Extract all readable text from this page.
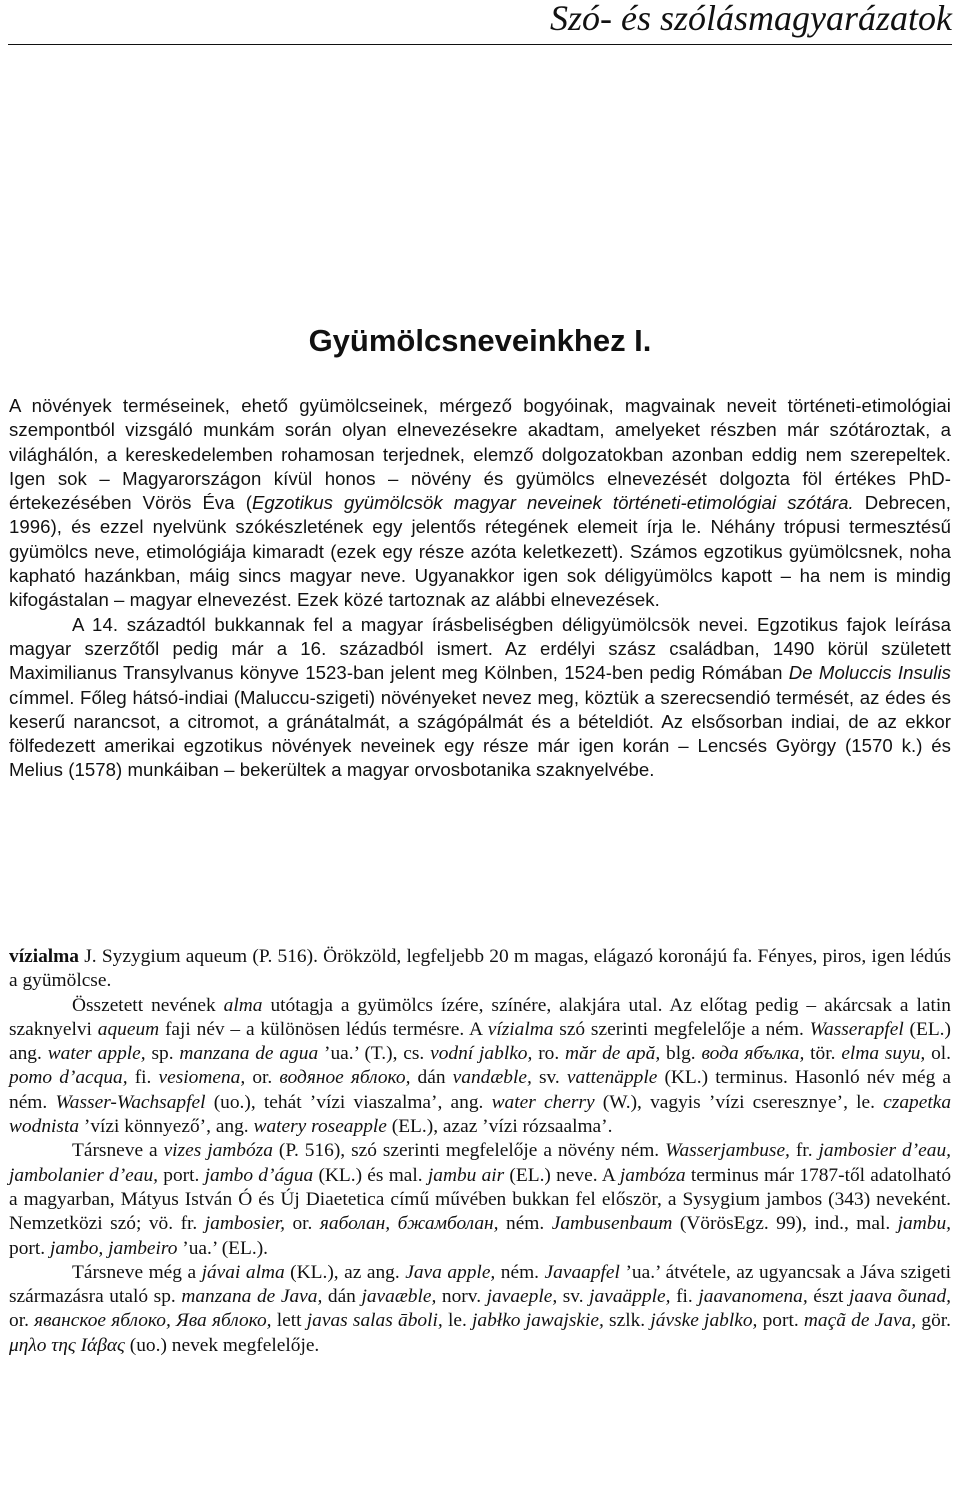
Szó- és szólásmagyarázatok
Gyümölcsneveinkhez I.

A növények terméseinek, ehető gyümölcseinek, mérgező bogyóinak, magvainak neveit történeti-etimológiai szempontból vizsgáló munkám során olyan elnevezésekre akadtam, amelyeket részben már szótároztak, a világhálón, a kereskedelemben rohamosan terjednek, elemző dolgozatokban azonban eddig nem szerepeltek. Igen sok – Magyarországon kívül honos – növény és gyümölcs elnevezését dolgozta föl értékes PhD-értekezésében Vörös Éva (Egzotikus gyümölcsök magyar neveinek történeti-etimológiai szótára. Debrecen, 1996), és ezzel nyelvünk szókészletének egy jelentős rétegének elemeit írja le. Néhány trópusi termesztésű gyümölcs neve, etimológiája kimaradt (ezek egy része azóta keletkezett). Számos egzotikus gyümölcsnek, noha kapható hazánkban, máig sincs magyar neve. Ugyanakkor igen sok déligyümölcs kapott – ha nem is mindig kifogástalan – magyar elnevezést. Ezek közé tartoznak az alábbi elnevezések.

A 14. századtól bukkannak fel a magyar írásbeliségben déligyümölcsök nevei. Egzotikus fajok leírása magyar szerzőtől pedig már a 16. századból ismert. Az erdélyi szász családban, 1490 körül született Maximilianus Transylvanus könyve 1523-ban jelent meg Kölnben, 1524-ben pedig Rómában De Moluccis Insulis címmel. Főleg hátsó-indiai (Maluccu-szigeti) növényeket nevez meg, köztük a szerecsendió termését, az édes és keserű narancsot, a citromot, a gránátalmát, a szágópálmát és a bételdiót. Az elsősorban indiai, de az ekkor fölfedezett amerikai egzotikus növények neveinek egy része már igen korán – Lencsés György (1570 k.) és Melius (1578) munkáiban – bekerültek a magyar orvosbotanika szaknyelvébe.

vízialma J. Syzygium aqueum (P. 516). Örökzöld, legfeljebb 20 m magas, elágazó koronájú fa. Fényes, piros, igen lédús a gyümölcse.

Összetett nevének alma utótagja a gyümölcs ízére, színére, alakjára utal. Az előtag pedig – akárcsak a latin szaknyelvi aqueum faji név – a különösen lédús termésre. A vízialma szó szerinti megfelelője a ném. Wasserapfel (EL.) ang. water apple, sp. manzana de agua ’ua.’ (T.), cs. vodní jablko, ro. măr de apă, blg. вода ябълка, tör. elma suyu, ol. pomo d’acqua, fi. vesiomena, or. водяное яблоко, dán vandæble, sv. vattenäpple (KL.) terminus. Hasonló név még a ném. Wasser-Wachsapfel (uo.), tehát ’vízi viaszalma’, ang. water cherry (W.), vagyis ’vízi cseresznye’, le. czapetka wodnista ’vízi könnyező’, ang. watery roseapple (EL.), azaz ’vízi rózsaalma’.

Társneve a vizes jambóza (P. 516), szó szerinti megfelelője a növény ném. Wasserjambuse, fr. jambosier d’eau, jambolanier d’eau, port. jambo d’água (KL.) és mal. jambu air (EL.) neve. A jambóza terminus már 1787-től adatolható a magyarban, Mátyus István Ó és Új Diaetetica című művében bukkan fel először, a Sysygium jambos (343) neveként. Nemzetközi szó; vö. fr. jambosier, or. яаболан, бжамболан, ném. Jambusenbaum (VörösEgz. 99), ind., mal. jambu, port. jambo, jambeiro ’ua.’ (EL.).

Társneve még a jávai alma (KL.), az ang. Java apple, ném. Javaapfel ’ua.’ átvétele, az ugyancsak a Jáva szigeti származásra utaló sp. manzana de Java, dán javaæble, norv. javaeple, sv. javaäpple, fi. jaavanomena, észt jaava õunad, or. яванское яблоко, Ява яблоко, lett javas salas āboli, le. jabłko jawajskie, szlk. jávske jablko, port. maçã de Java, gör. μηλο της Ιάβας (uo.) nevek megfelelője.
